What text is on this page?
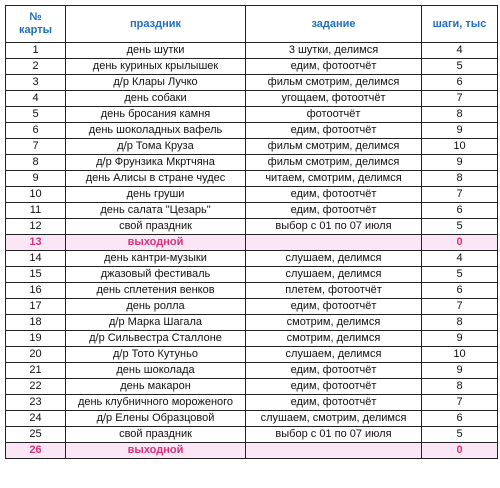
№
карты	праздник	задание	шаги, тыс
1	день шутки	3 шутки, делимся	4
2	день куриных крылышек	едим, фотоотчёт	5
3	д/р Клары Лучко	фильм смотрим, делимся	6
4	день собаки	угощаем, фотоотчёт	7
5	день бросания камня	фотоотчёт	8
6	день шоколадных вафель	едим, фотоотчёт	9
7	д/р Тома Круза	фильм смотрим, делимся	10
8	д/р Фрунзика Мкртчяна	фильм смотрим, делимся	9
9	день Алисы в стране чудес	читаем, смотрим, делимся	8
10	день груши	едим, фотоотчёт	7
11	день салата "Цезарь"	едим, фотоотчёт	6
12	свой праздник	выбор с 01 по 07 июля	5
13	выходной		0
14	день кантри-музыки	слушаем, делимся	4
15	джазовый фестиваль	слушаем, делимся	5
16	день сплетения венков	плетем, фотоотчёт	6
17	день ролла	едим, фотоотчёт	7
18	д/р Марка Шагала	смотрим, делимся	8
19	д/р Сильвестра Сталлоне	смотрим, делимся	9
20	д/р Тото Кутуньо	слушаем, делимся	10
21	день шоколада	едим, фотоотчёт	9
22	день макарон	едим, фотоотчёт	8
23	день клубничного мороженого	едим, фотоотчёт	7
24	д/р Елены Образцовой	слушаем, смотрим, делимся	6
25	свой праздник	выбор с 01 по 07 июля	5
26	выходной		0
